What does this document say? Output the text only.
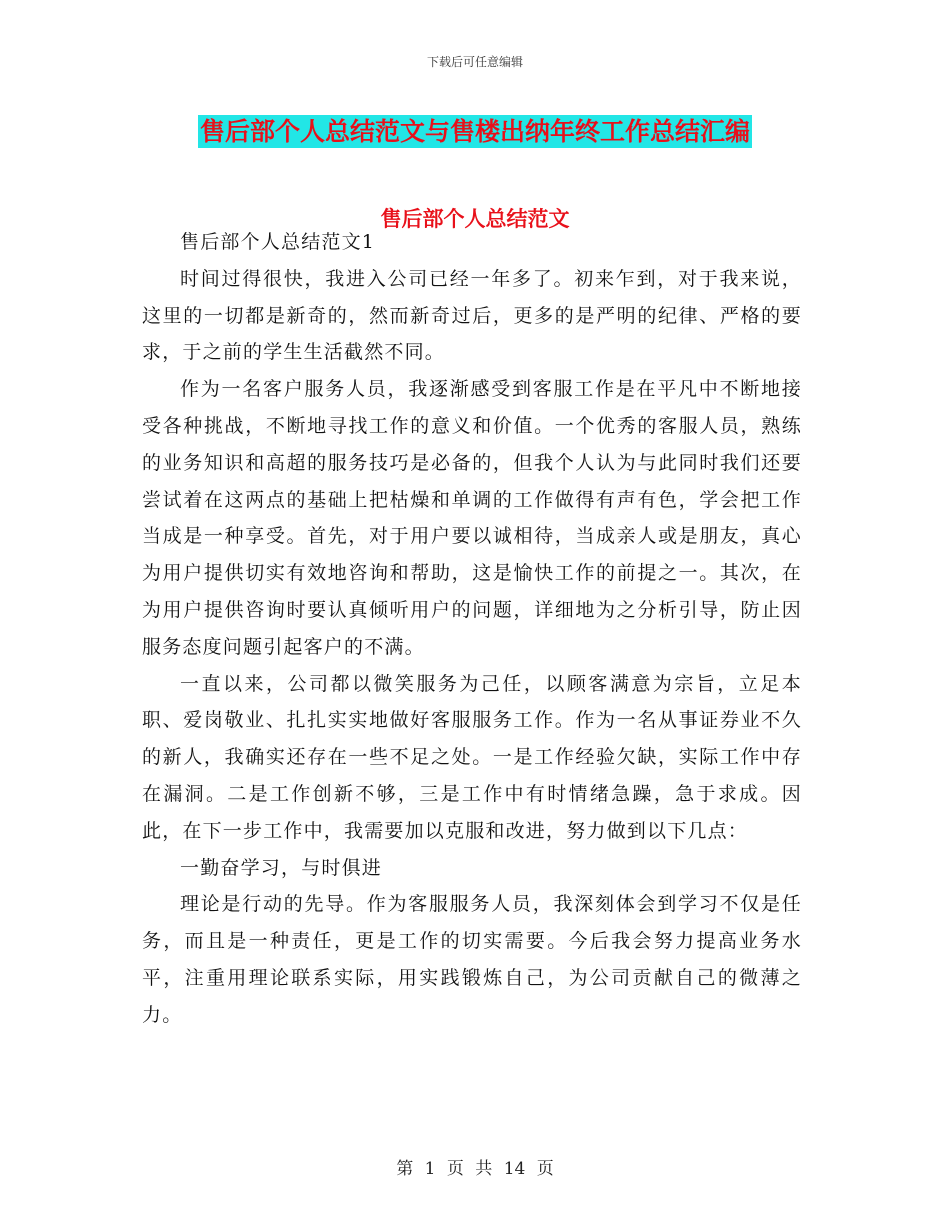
下载后可任意编辑
售后部个人总结范文与售楼出纳年终工作总结汇编
售后部个人总结范文

售后部个人总结范文1

时间过得很快，我进入公司已经一年多了。初来乍到，对于我来说，这里的一切都是新奇的，然而新奇过后，更多的是严明的纪律、严格的要求，于之前的学生生活截然不同。

作为一名客户服务人员，我逐渐感受到客服工作是在平凡中不断地接受各种挑战，不断地寻找工作的意义和价值。一个优秀的客服人员，熟练的业务知识和高超的服务技巧是必备的，但我个人认为与此同时我们还要尝试着在这两点的基础上把枯燥和单调的工作做得有声有色，学会把工作当成是一种享受。首先，对于用户要以诚相待，当成亲人或是朋友，真心为用户提供切实有效地咨询和帮助，这是愉快工作的前提之一。其次，在为用户提供咨询时要认真倾听用户的问题，详细地为之分析引导，防止因服务态度问题引起客户的不满。

一直以来，公司都以微笑服务为己任，以顾客满意为宗旨，立足本职、爱岗敬业、扎扎实实地做好客服服务工作。作为一名从事证券业不久的新人，我确实还存在一些不足之处。一是工作经验欠缺，实际工作中存在漏洞。二是工作创新不够，三是工作中有时情绪急躁，急于求成。因此，在下一步工作中，我需要加以克服和改进，努力做到以下几点：

一勤奋学习，与时俱进

理论是行动的先导。作为客服服务人员，我深刻体会到学习不仅是任务，而且是一种责任，更是工作的切实需要。今后我会努力提高业务水平，注重用理论联系实际，用实践锻炼自己，为公司贡献自己的微薄之力。

第 1 页 共 14 页
